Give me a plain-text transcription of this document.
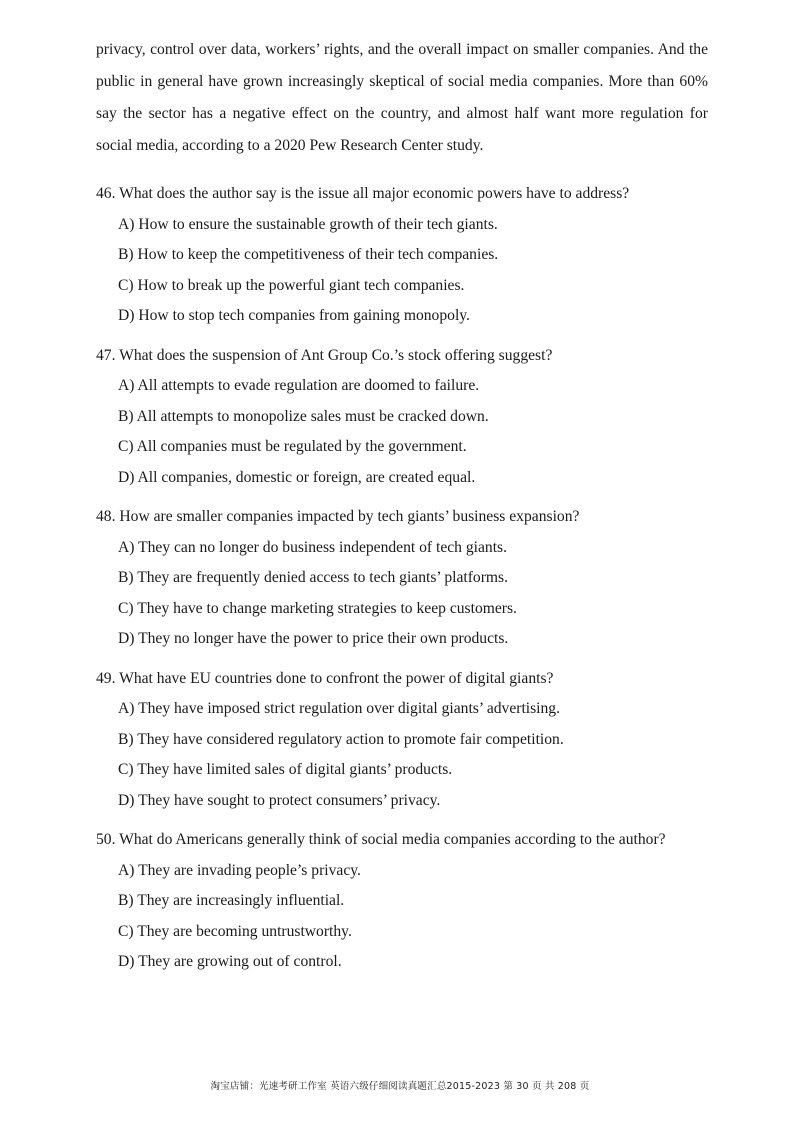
privacy, control over data, workers’ rights, and the overall impact on smaller companies. And the public in general have grown increasingly skeptical of social media companies. More than 60% say the sector has a negative effect on the country, and almost half want more regulation for social media, according to a 2020 Pew Research Center study.

46. What does the author say is the issue all major economic powers have to address?
A) How to ensure the sustainable growth of their tech giants.
B) How to keep the competitiveness of their tech companies.
C) How to break up the powerful giant tech companies.
D) How to stop tech companies from gaining monopoly.
47. What does the suspension of Ant Group Co.’s stock offering suggest?
A) All attempts to evade regulation are doomed to failure.
B) All attempts to monopolize sales must be cracked down.
C) All companies must be regulated by the government.
D) All companies, domestic or foreign, are created equal.
48. How are smaller companies impacted by tech giants’ business expansion?
A) They can no longer do business independent of tech giants.
B) They are frequently denied access to tech giants’ platforms.
C) They have to change marketing strategies to keep customers.
D) They no longer have the power to price their own products.
49. What have EU countries done to confront the power of digital giants?
A) They have imposed strict regulation over digital giants’ advertising.
B) They have considered regulatory action to promote fair competition.
C) They have limited sales of digital giants’ products.
D) They have sought to protect consumers’ privacy.
50. What do Americans generally think of social media companies according to the author?
A) They are invading people’s privacy.
B) They are increasingly influential.
C) They are becoming untrustworthy.
D) They are growing out of control.
淘宝店铺：光速考研工作室 英语六级仔细阅读真题汇总2015-2023 第 30 页 共 208 页
